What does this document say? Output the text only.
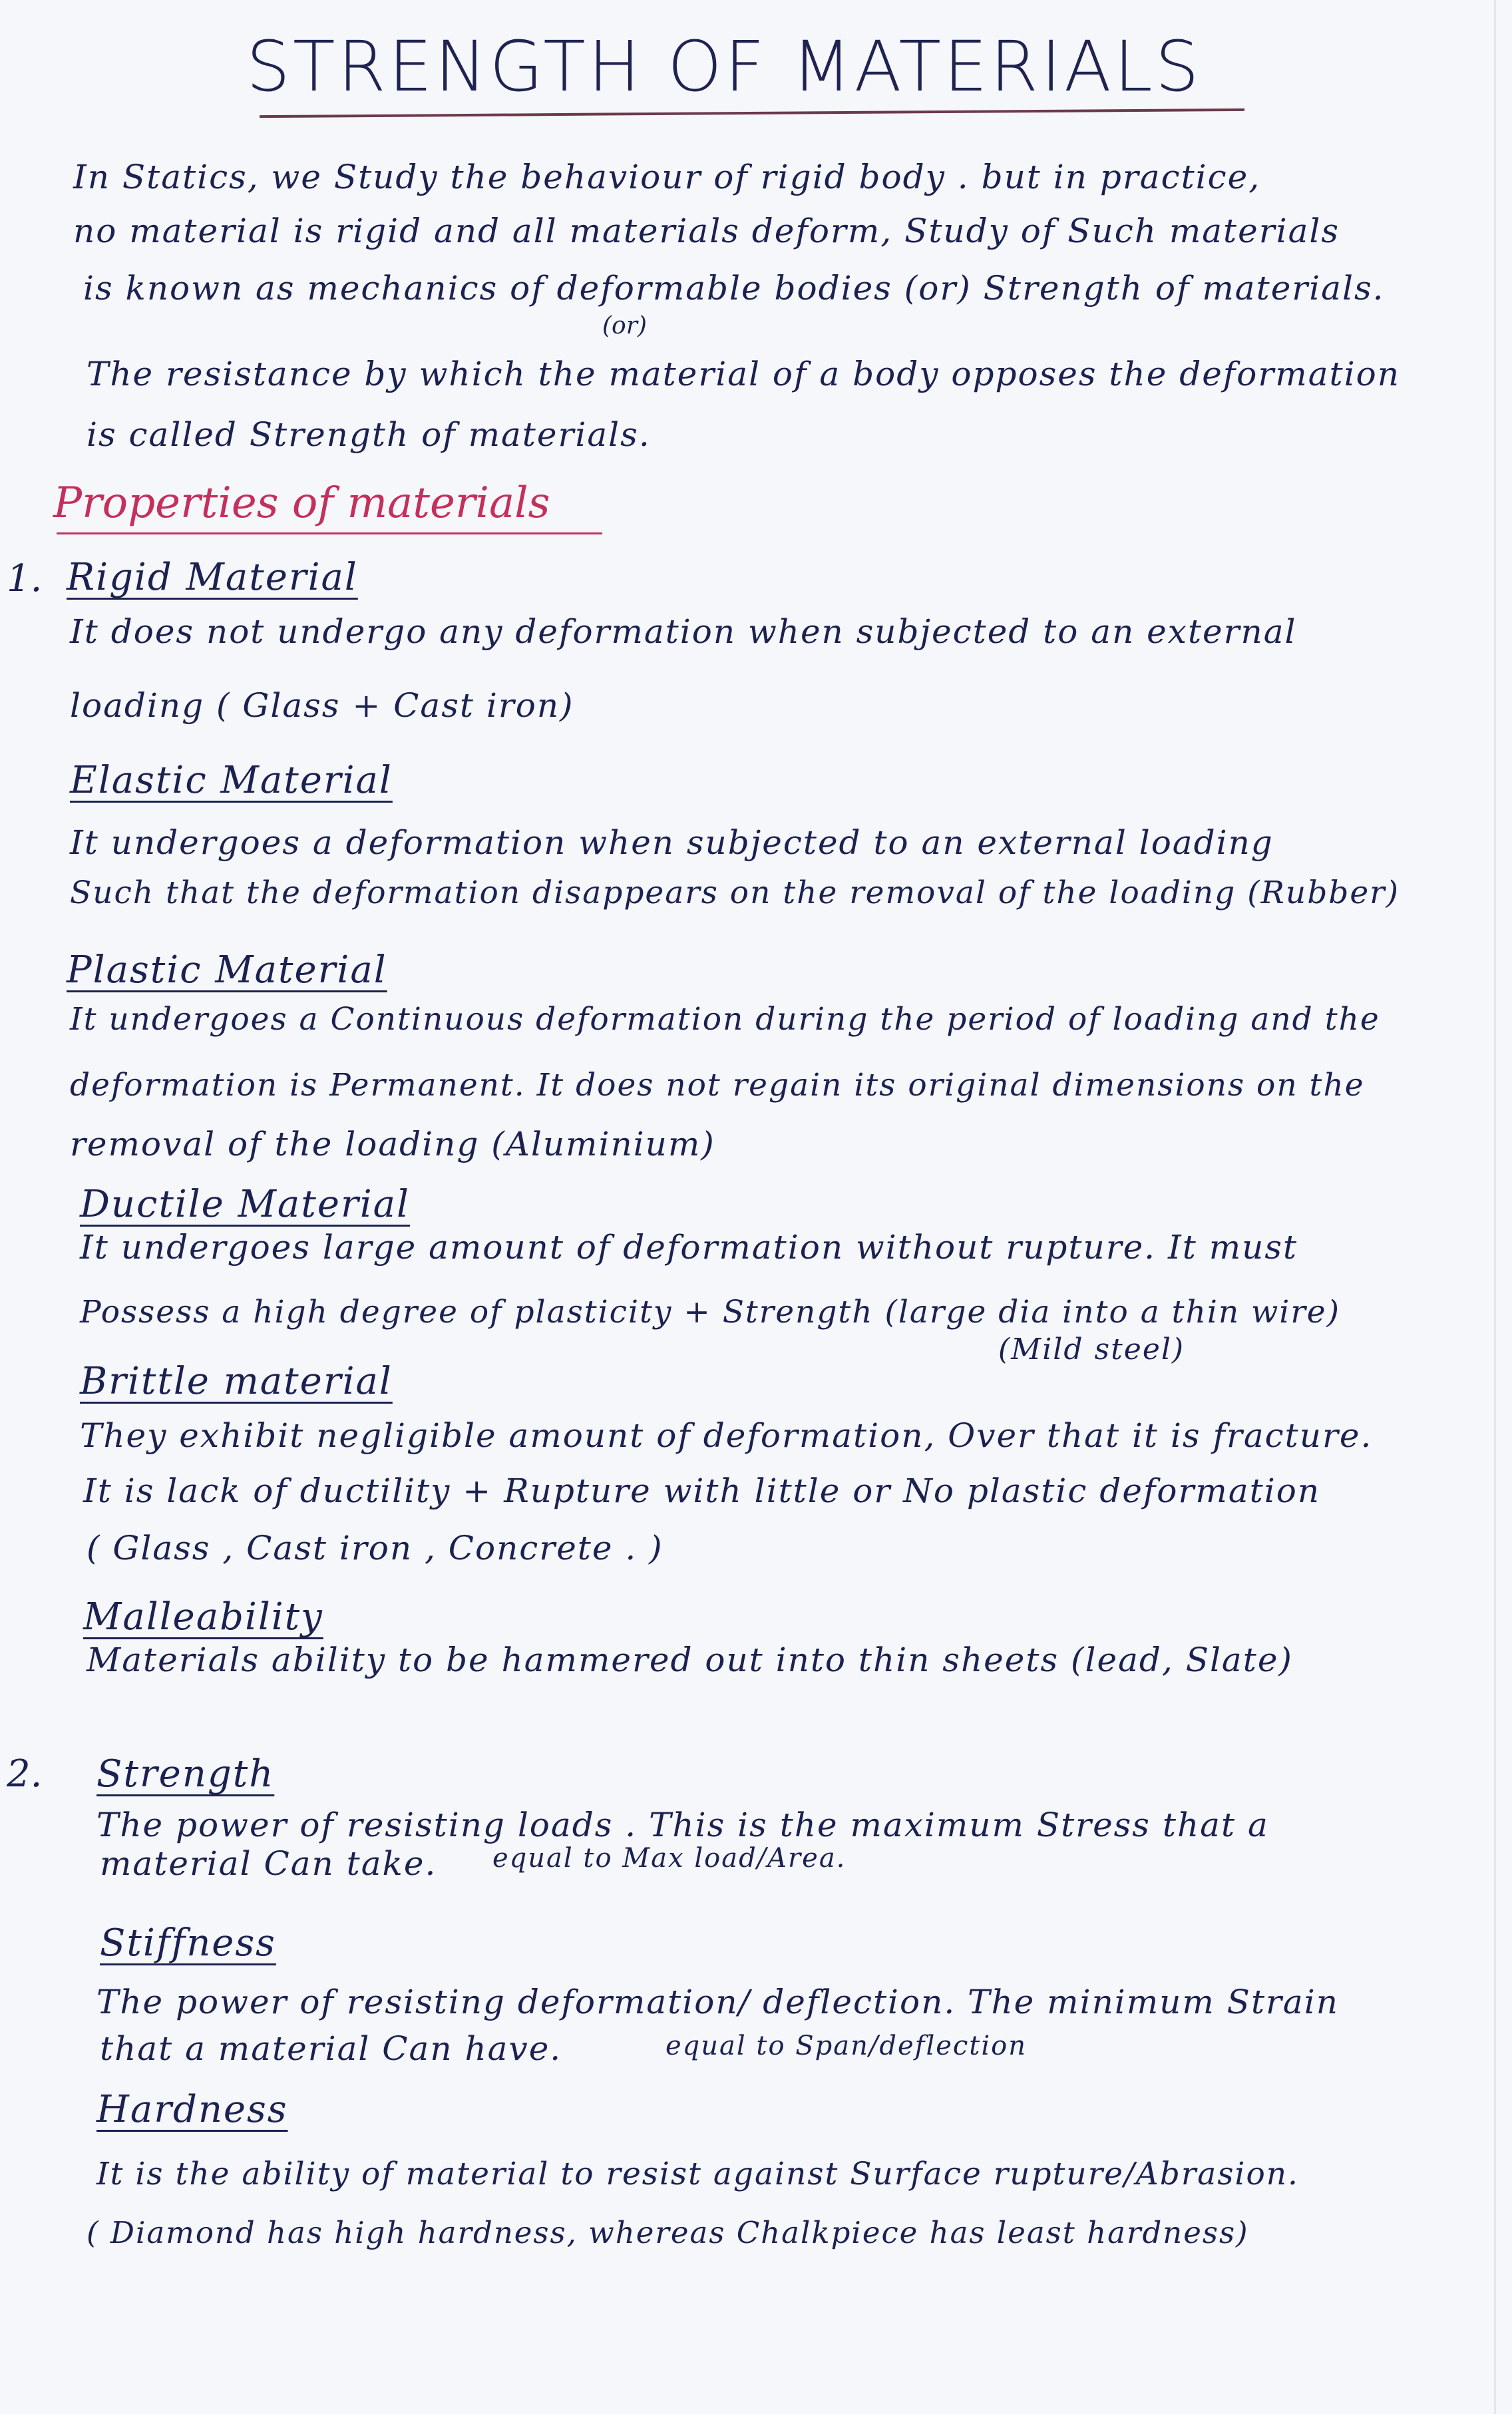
STRENGTH OF MATERIALS
In Statics, we Study the behaviour of rigid body . but in practice,
no material is rigid and all materials deform, Study of Such materials
is known as mechanics of deformable bodies (or) Strength of materials.
(or)
The resistance by which the material of a body opposes the deformation
is called Strength of materials.
Properties of materials
1. Rigid Material
It does not undergo any deformation when subjected to an external
loading ( Glass + Cast iron)
Elastic Material
It undergoes a deformation when subjected to an external loading
Such that the deformation disappears on the removal of the loading (Rubber)
Plastic Material
It undergoes a Continuous deformation during the period of loading and the
deformation is Permanent. It does not regain its original dimensions on the
removal of the loading (Aluminium)
Ductile Material
It undergoes large amount of deformation without rupture. It must
Possess a high degree of plasticity + Strength (large dia into a thin wire)
(Mild steel)
Brittle material
They exhibit negligible amount of deformation, Over that it is fracture.
It is lack of ductility + Rupture with little or No plastic deformation
( Glass , Cast iron , Concrete . )
Malleability
Materials ability to be hammered out into thin sheets (lead, Slate)
2. Strength
The power of resisting loads . This is the maximum Stress that a
material Can take. equal to Max load/Area.
Stiffness
The power of resisting deformation/ deflection. The minimum Strain
that a material Can have.	equal to Span/deflection
Hardness
It is the ability of material to resist against Surface rupture/Abrasion.
( Diamond has high hardness, whereas Chalkpiece has least hardness)
